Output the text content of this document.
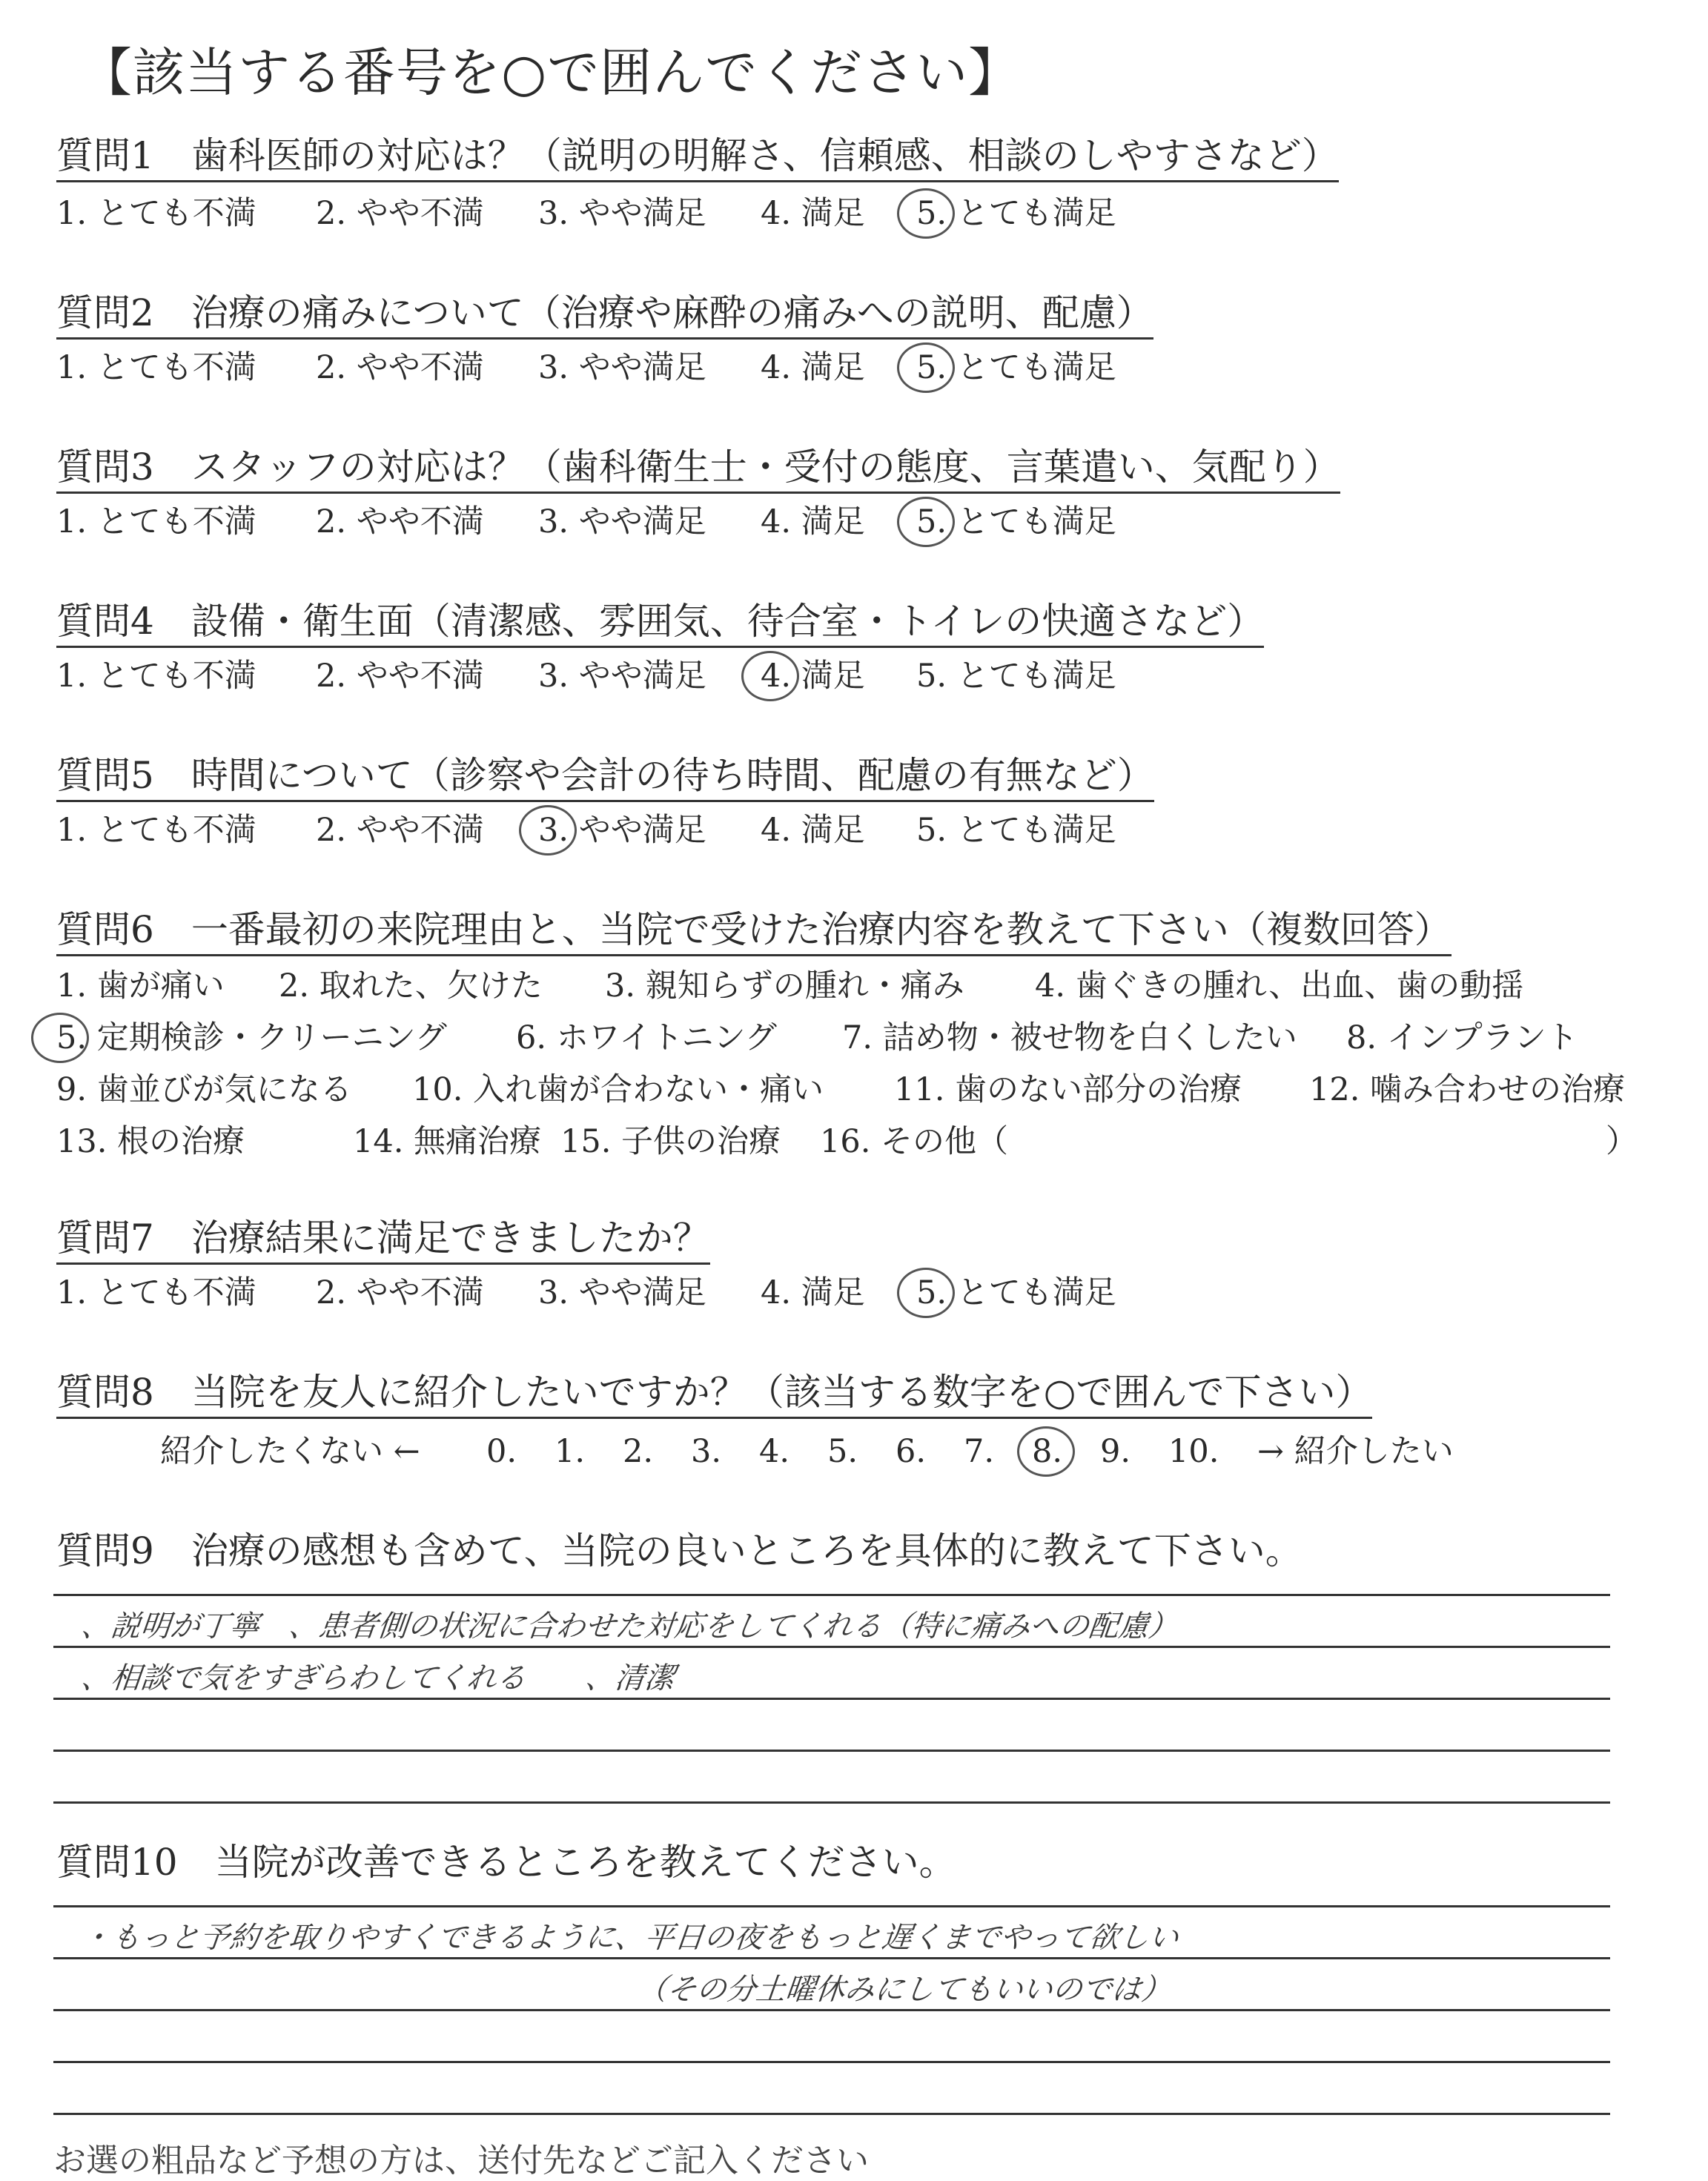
【該当する番号を○で囲んでください】
質問1 歯科医師の対応は？（説明の明解さ、信頼感、相談のしやすさなど）
1. とても不満 2. やや不満 3. やや満足 4. 満足 5. とても満足
質問2 治療の痛みについて（治療や麻酔の痛みへの説明、配慮）
1. とても不満 2. やや不満 3. やや満足 4. 満足 5. とても満足
質問3 スタッフの対応は？（歯科衛生士・受付の態度、言葉遣い、気配り）
1. とても不満 2. やや不満 3. やや満足 4. 満足 5. とても満足
質問4 設備・衛生面（清潔感、雰囲気、待合室・トイレの快適さなど）
1. とても不満 2. やや不満 3. やや満足 4. 満足 5. とても満足
質問5 時間について（診察や会計の待ち時間、配慮の有無など）
1. とても不満 2. やや不満 3. やや満足 4. 満足 5. とても満足
質問6 一番最初の来院理由と、当院で受けた治療内容を教えて下さい（複数回答）
1. 歯が痛い 2. 取れた、欠けた 3. 親知らずの腫れ・痛み 4. 歯ぐきの腫れ、出血、歯の動揺
5. 定期検診・クリーニング 6. ホワイトニング 7. 詰め物・被せ物を白くしたい 8. インプラント
9. 歯並びが気になる 10. 入れ歯が合わない・痛い 11. 歯のない部分の治療 12. 噛み合わせの治療
13. 根の治療	14. 無痛治療 15. 子供の治療 16. その他（	）
質問7 治療結果に満足できましたか？
1. とても不満 2. やや不満 3. やや満足 4. 満足 5. とても満足
質問8 当院を友人に紹介したいですか？（該当する数字を○で囲んで下さい）
紹介したくない ← 0. 1. 2. 3. 4. 5. 6. 7. 8. 9. 10. → 紹介したい
質問9 治療の感想も含めて、当院の良いところを具体的に教えて下さい。
、説明が丁寧　、患者側の状況に合わせた対応をしてくれる（特に痛みへの配慮）
、相談で気をすぎらわしてくれる　　、清潔
質問10 当院が改善できるところを教えてください。
・もっと予約を取りやすくできるように、平日の夜をもっと遅くまでやって欲しい
（その分土曜休みにしてもいいのでは）
お選の粗品など予想の方は、送付先などご記入ください
